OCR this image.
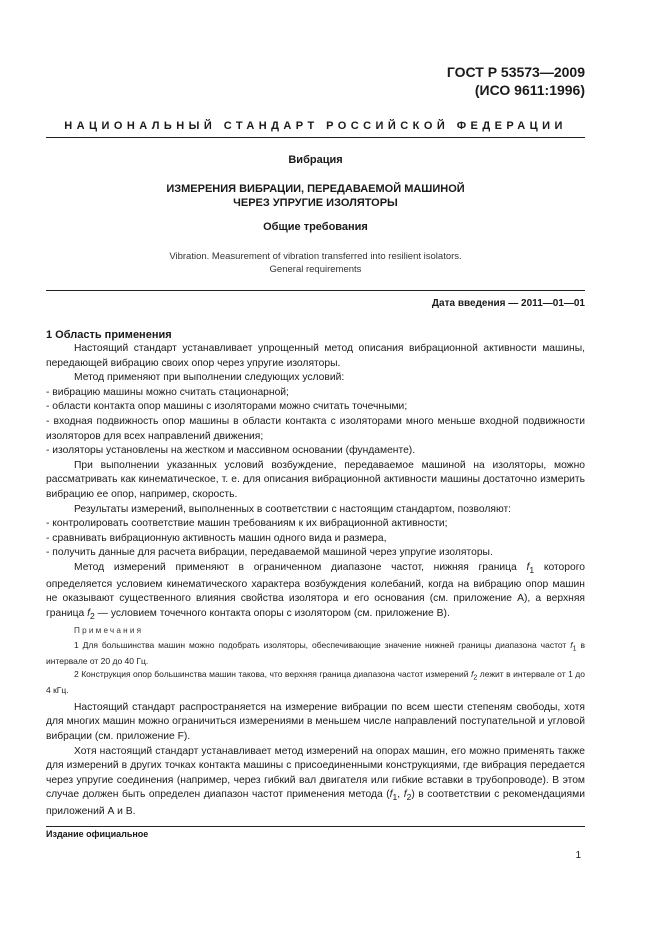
ГОСТ Р 53573—2009
(ИСО 9611:1996)
НАЦИОНАЛЬНЫЙ СТАНДАРТ РОССИЙСКОЙ ФЕДЕРАЦИИ
Вибрация
ИЗМЕРЕНИЯ ВИБРАЦИИ, ПЕРЕДАВАЕМОЙ МАШИНОЙ
ЧЕРЕЗ УПРУГИЕ ИЗОЛЯТОРЫ
Общие требования
Vibration. Measurement of vibration transferred into resilient isolators.
General requirements
Дата введения — 2011—01—01

1 Область применения

Настоящий стандарт устанавливает упрощенный метод описания вибрационной активности машины, передающей вибрацию своих опор через упругие изоляторы.

Метод применяют при выполнении следующих условий:

- вибрацию машины можно считать стационарной;

- области контакта опор машины с изоляторами можно считать точечными;

- входная подвижность опор машины в области контакта с изоляторами много меньше входной подвижности изоляторов для всех направлений движения;

- изоляторы установлены на жестком и массивном основании (фундаменте).

При выполнении указанных условий возбуждение, передаваемое машиной на изоляторы, можно рассматривать как кинематическое, т. е. для описания вибрационной активности машины достаточно измерить вибрацию ее опор, например, скорость.

Результаты измерений, выполненных в соответствии с настоящим стандартом, позволяют:

- контролировать соответствие машин требованиям к их вибрационной активности;

- сравнивать вибрационную активность машин одного вида и размера,

- получить данные для расчета вибрации, передаваемой машиной через упругие изоляторы.

Метод измерений применяют в ограниченном диапазоне частот, нижняя граница $f_1$ которого определяется условием кинематического характера возбуждения колебаний, когда на вибрацию опор машин не оказывают существенного влияния свойства изолятора и его основания (см. приложение А), а верхняя граница $f_2$ — условием точечного контакта опоры с изолятором (см. приложение В).

Примечания

1 Для большинства машин можно подобрать изоляторы, обеспечивающие значение нижней границы диапазона частот $f_1$ в интервале от 20 до 40 Гц.

2 Конструкция опор большинства машин такова, что верхняя граница диапазона частот измерений $f_2$ лежит в интервале от 1 до 4 кГц.

Настоящий стандарт распространяется на измерение вибрации по всем шести степеням свободы, хотя для многих машин можно ограничиться измерениями в меньшем числе направлений поступательной и угловой вибрации (см. приложение F).

Хотя настоящий стандарт устанавливает метод измерений на опорах машин, его можно применять также для измерений в других точках контакта машины с присоединенными конструкциями, где вибрация передается через упругие соединения (например, через гибкий вал двигателя или гибкие вставки в трубопроводе). В этом случае должен быть определен диапазон частот применения метода ($f_1$, $f_2$) в соответствии с рекомендациями приложений А и В.

Издание официальное
1
